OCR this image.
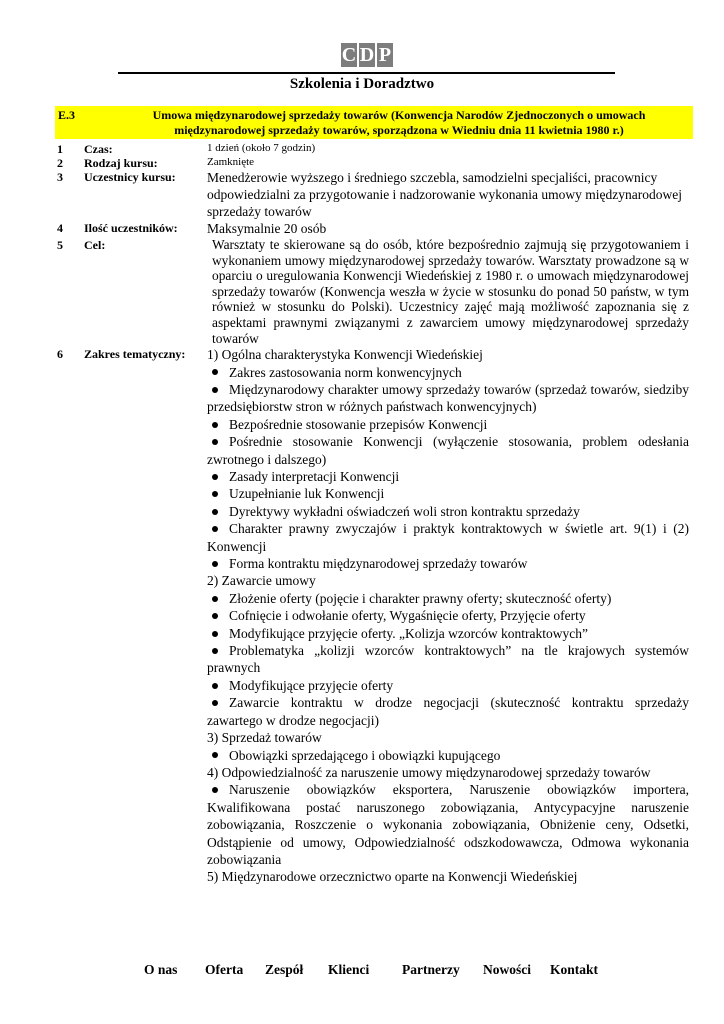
C D P
Szkolenia i Doradztwo
E.3	Umowa międzynarodowej sprzedaży towarów (Konwencja Narodów Zjednoczonych o umowach międzynarodowej sprzedaży towarów, sporządzona w Wiedniu dnia 11 kwietnia 1980 r.)
1 Czas:	1 dzień (około 7 godzin)
2 Rodzaj kursu:	Zamknięte
3 Uczestnicy kursu: Menedżerowie wyższego i średniego szczebla, samodzielni specjaliści, pracownicy odpowiedzialni za przygotowanie i nadzorowanie wykonania umowy międzynarodowej sprzedaży towarów
4 Ilość uczestników: Maksymalnie 20 osób
5 Cel:	Warsztaty te skierowane są do osób, które bezpośrednio zajmują się przygotowaniem i wykonaniem umowy międzynarodowej sprzedaży towarów. Warsztaty prowadzone są w oparciu o uregulowania Konwencji Wiedeńskiej z 1980 r. o umowach międzynarodowej sprzedaży towarów (Konwencja weszła w życie w stosunku do ponad 50 państw, w tym również w stosunku do Polski). Uczestnicy zajęć mają możliwość zapoznania się z aspektami prawnymi związanymi z zawarciem umowy międzynarodowej sprzedaży towarów
6 Zakres tematyczny: 1) Ogólna charakterystyka Konwencji Wiedeńskiej
Zakres zastosowania norm konwencyjnych
Międzynarodowy charakter umowy sprzedaży towarów (sprzedaż towarów, siedziby przedsiębiorstw stron w różnych państwach konwencyjnych)
Bezpośrednie stosowanie przepisów Konwencji
Pośrednie stosowanie Konwencji (wyłączenie stosowania, problem odesłania zwrotnego i dalszego)
Zasady interpretacji Konwencji
Uzupełnianie luk Konwencji
Dyrektywy wykładni oświadczeń woli stron kontraktu sprzedaży
Charakter prawny zwyczajów i praktyk kontraktowych w świetle art. 9(1) i (2) Konwencji
Forma kontraktu międzynarodowej sprzedaży towarów
2) Zawarcie umowy
Złożenie oferty (pojęcie i charakter prawny oferty; skuteczność oferty)
Cofnięcie i odwołanie oferty, Wygaśnięcie oferty, Przyjęcie oferty
Modyfikujące przyjęcie oferty. „Kolizja wzorców kontraktowych”
Problematyka „kolizji wzorców kontraktowych” na tle krajowych systemów prawnych
Modyfikujące przyjęcie oferty
Zawarcie kontraktu w drodze negocjacji (skuteczność kontraktu sprzedaży zawartego w drodze negocjacji)
3) Sprzedaż towarów
Obowiązki sprzedającego i obowiązki kupującego
4) Odpowiedzialność za naruszenie umowy międzynarodowej sprzedaży towarów
Naruszenie obowiązków eksportera, Naruszenie obowiązków importera, Kwalifikowana postać naruszonego zobowiązania, Antycypacyjne naruszenie zobowiązania, Roszczenie o wykonania zobowiązania, Obniżenie ceny, Odsetki, Odstąpienie od umowy, Odpowiedzialność odszkodowawcza, Odmowa wykonania zobowiązania
5) Międzynarodowe orzecznictwo oparte na Konwencji Wiedeńskiej
O nas Oferta Zespół Klienci Partnerzy Nowości Kontakt
